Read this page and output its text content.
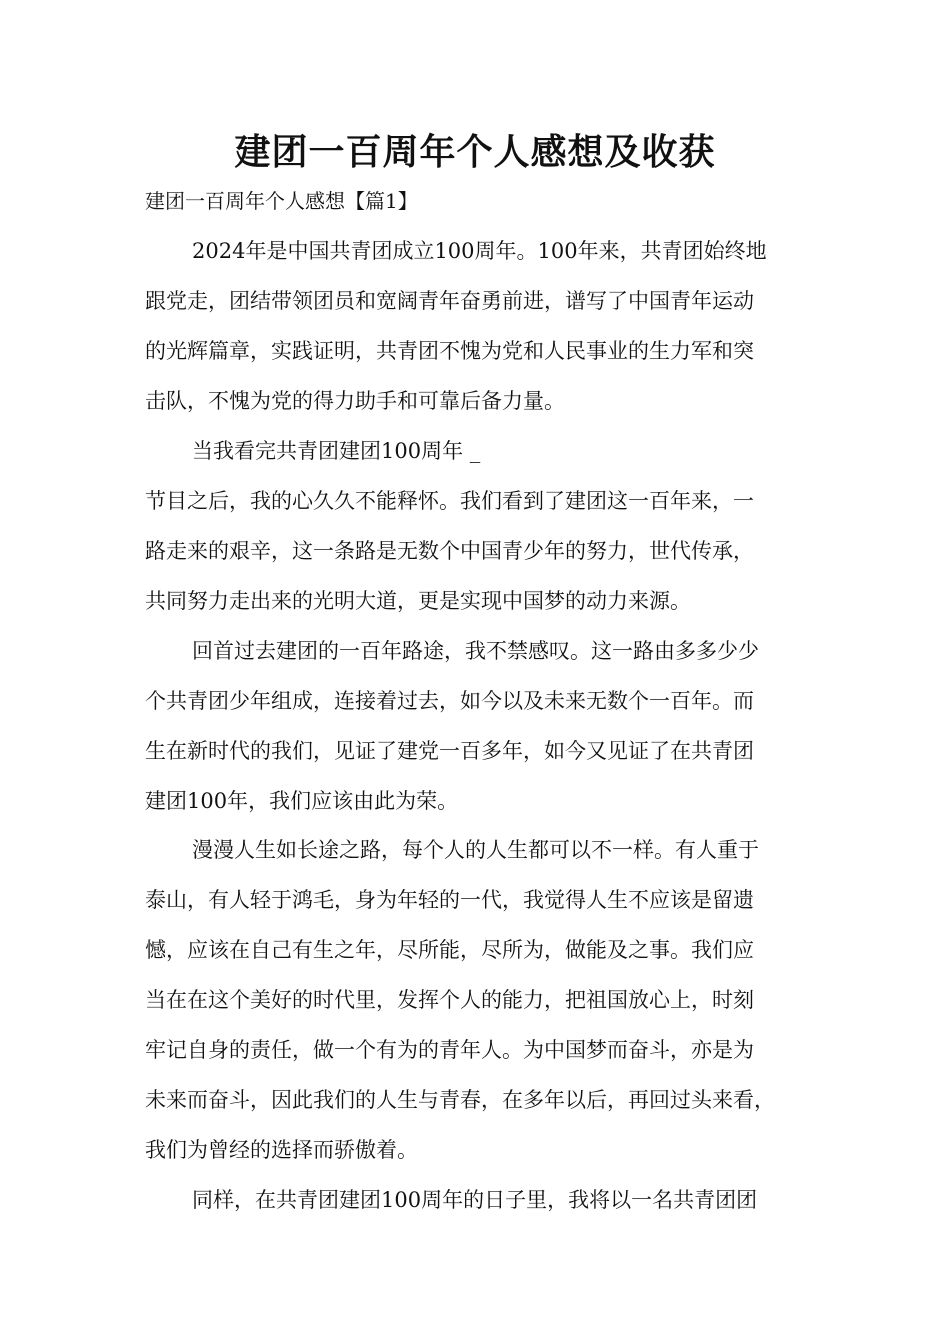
建团一百周年个人感想及收获

建团一百周年个人感想【篇1】

2024年是中国共青团成立100周年。100年来，共青团始终地

跟党走，团结带领团员和宽阔青年奋勇前进，谱写了中国青年运动

的光辉篇章，实践证明，共青团不愧为党和人民事业的生力军和突

击队，不愧为党的得力助手和可靠后备力量。

当我看完共青团建团100周年 _

节目之后，我的心久久不能释怀。我们看到了建团这一百年来，一

路走来的艰辛，这一条路是无数个中国青少年的努力，世代传承，

共同努力走出来的光明大道，更是实现中国梦的动力来源。

回首过去建团的一百年路途，我不禁感叹。这一路由多多少少

个共青团少年组成，连接着过去，如今以及未来无数个一百年。而

生在新时代的我们，见证了建党一百多年，如今又见证了在共青团

建团100年，我们应该由此为荣。

漫漫人生如长途之路，每个人的人生都可以不一样。有人重于

泰山，有人轻于鸿毛，身为年轻的一代，我觉得人生不应该是留遗

憾，应该在自己有生之年，尽所能，尽所为，做能及之事。我们应

当在在这个美好的时代里，发挥个人的能力，把祖国放心上，时刻

牢记自身的责任，做一个有为的青年人。为中国梦而奋斗，亦是为

未来而奋斗，因此我们的人生与青春，在多年以后，再回过头来看，

我们为曾经的选择而骄傲着。

同样，在共青团建团100周年的日子里，我将以一名共青团团
